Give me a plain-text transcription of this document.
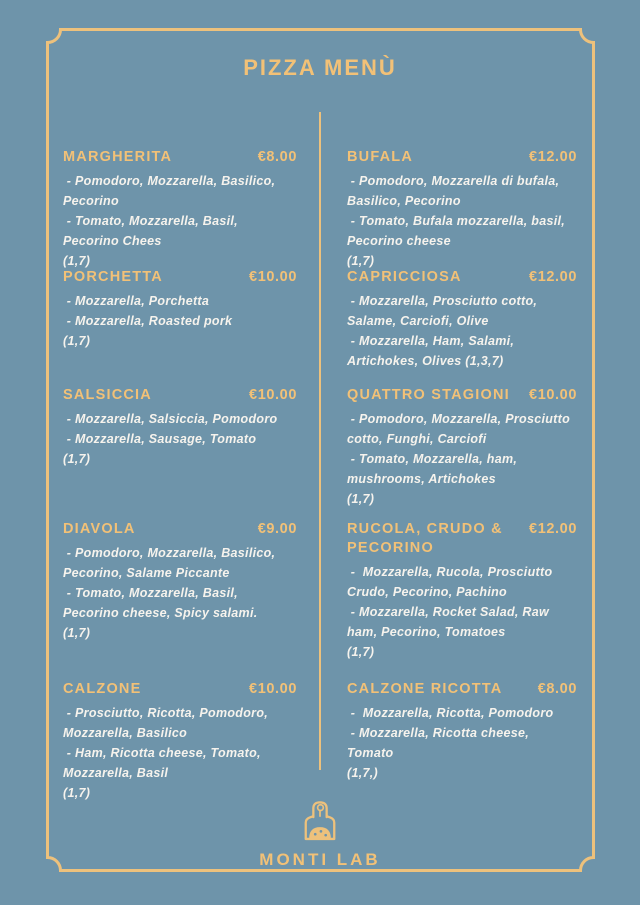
PIZZA MENÙ
MARGHERITA	€8.00
- Pomodoro, Mozzarella, Basilico, Pecorino
- Tomato, Mozzarella, Basil, Pecorino Chees
(1,7)
PORCHETTA	€10.00
- Mozzarella, Porchetta
- Mozzarella, Roasted pork
(1,7)
SALSICCIA	€10.00
- Mozzarella, Salsiccia, Pomodoro
- Mozzarella, Sausage, Tomato
(1,7)
DIAVOLA	€9.00
- Pomodoro, Mozzarella, Basilico, Pecorino, Salame Piccante
- Tomato, Mozzarella, Basil, Pecorino cheese, Spicy salami.
(1,7)
CALZONE	€10.00
- Prosciutto, Ricotta, Pomodoro, Mozzarella, Basilico
- Ham, Ricotta cheese, Tomato, Mozzarella, Basil
(1,7)
BUFALA	€12.00
- Pomodoro, Mozzarella di bufala, Basilico, Pecorino
- Tomato, Bufala mozzarella, basil, Pecorino cheese
(1,7)
CAPRICCIOSA	€12.00
- Mozzarella, Prosciutto cotto, Salame, Carciofi, Olive
- Mozzarella, Ham, Salami, Artichokes, Olives (1,3,7)
QUATTRO STAGIONI €10.00
- Pomodoro, Mozzarella, Prosciutto cotto, Funghi, Carciofi
- Tomato, Mozzarella, ham, mushrooms, Artichokes
(1,7)
RUCOLA, CRUDO & PECORINO
€12.00
-  Mozzarella, Rucola, Prosciutto Crudo, Pecorino, Pachino
- Mozzarella, Rocket Salad, Raw ham, Pecorino, Tomatoes
(1,7)
CALZONE RICOTTA €8.00
-  Mozzarella, Ricotta, Pomodoro
- Mozzarella, Ricotta cheese, Tomato
(1,7,)
MONTI LAB
